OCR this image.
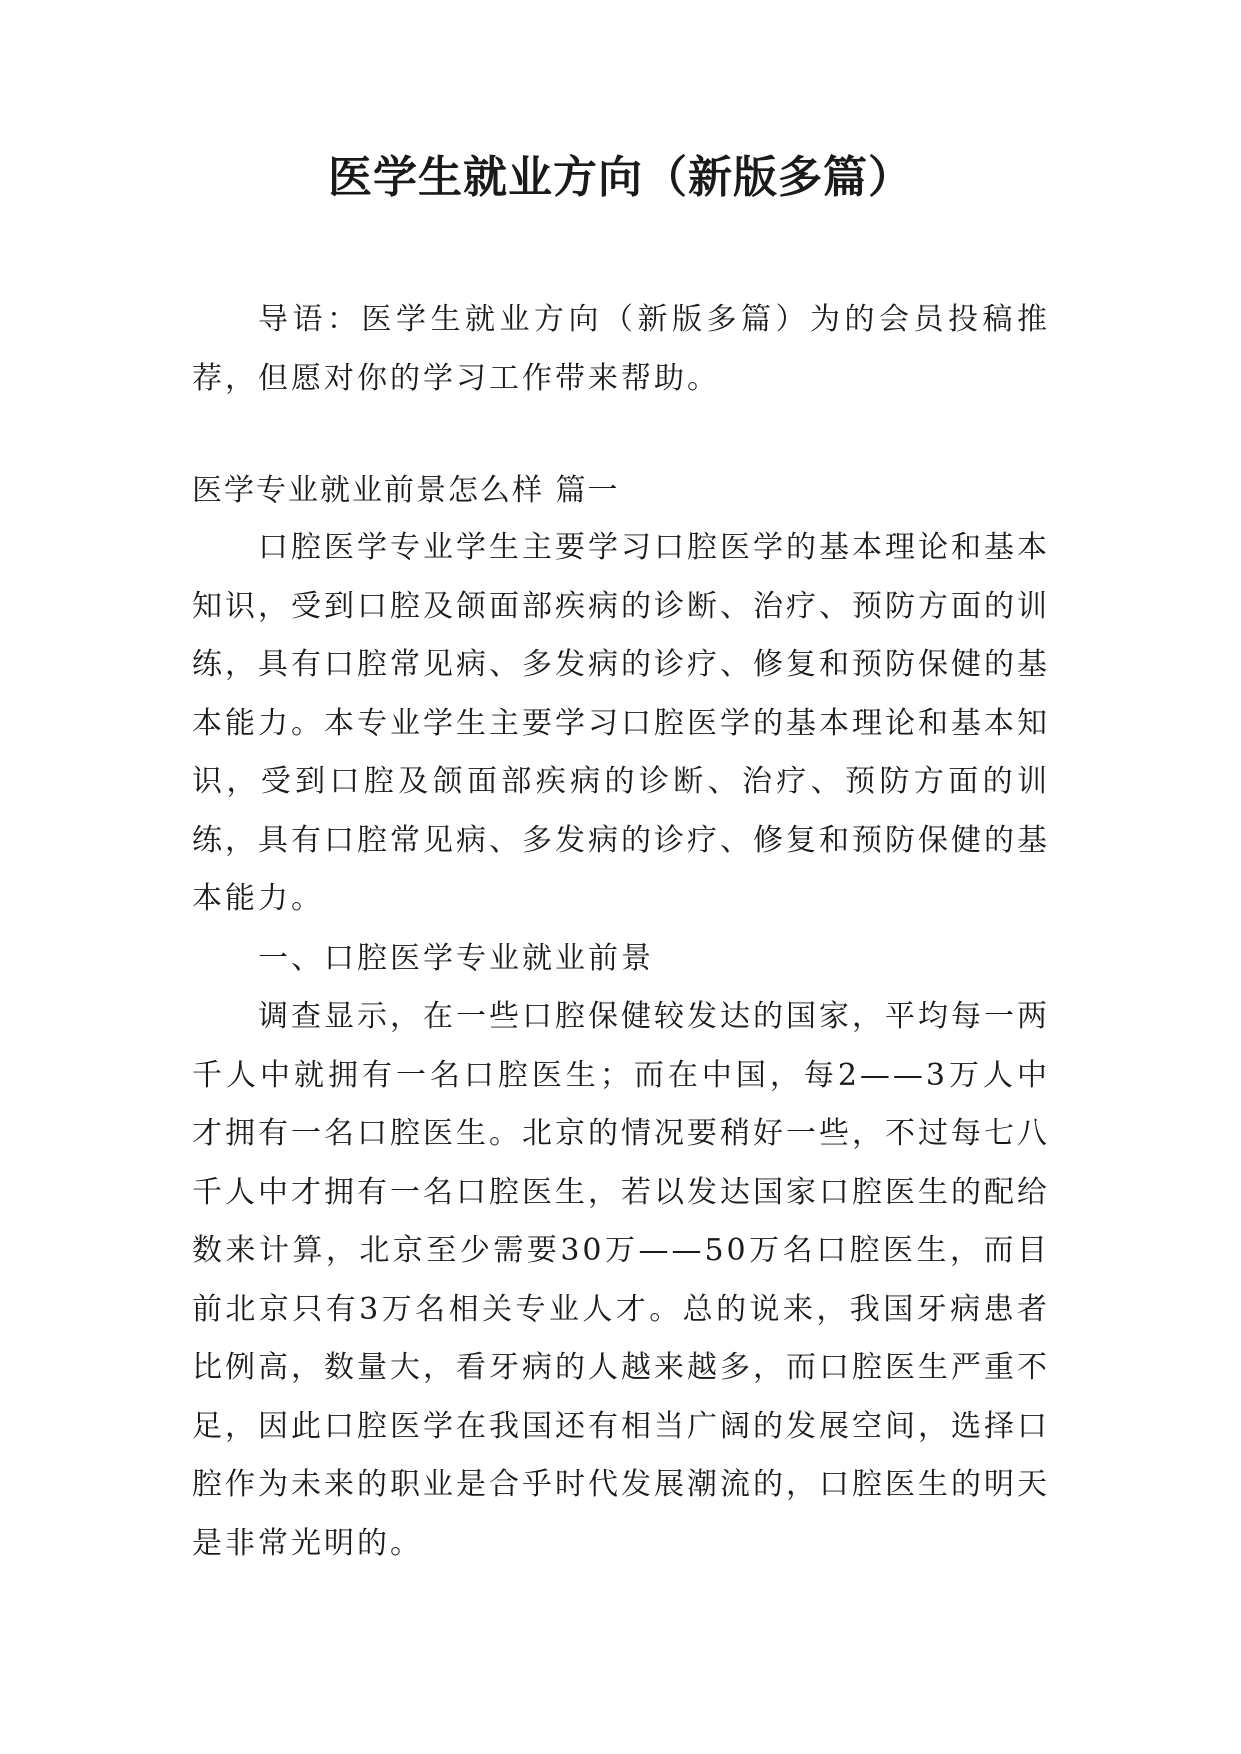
医学生就业方向（新版多篇）

导语：医学生就业方向（新版多篇）为的会员投稿推荐，但愿对你的学习工作带来帮助。

医学专业就业前景怎么样 篇一

口腔医学专业学生主要学习口腔医学的基本理论和基本知识，受到口腔及颌面部疾病的诊断、治疗、预防方面的训练，具有口腔常见病、多发病的诊疗、修复和预防保健的基本能力。本专业学生主要学习口腔医学的基本理论和基本知识，受到口腔及颌面部疾病的诊断、治疗、预防方面的训练，具有口腔常见病、多发病的诊疗、修复和预防保健的基本能力。

一、口腔医学专业就业前景

调查显示，在一些口腔保健较发达的国家，平均每一两千人中就拥有一名口腔医生；而在中国，每2——3万人中才拥有一名口腔医生。北京的情况要稍好一些，不过每七八千人中才拥有一名口腔医生，若以发达国家口腔医生的配给数来计算，北京至少需要30万——50万名口腔医生，而目前北京只有3万名相关专业人才。总的说来，我国牙病患者比例高，数量大，看牙病的人越来越多，而口腔医生严重不足，因此口腔医学在我国还有相当广阔的发展空间，选择口腔作为未来的职业是合乎时代发展潮流的，口腔医生的明天是非常光明的。
